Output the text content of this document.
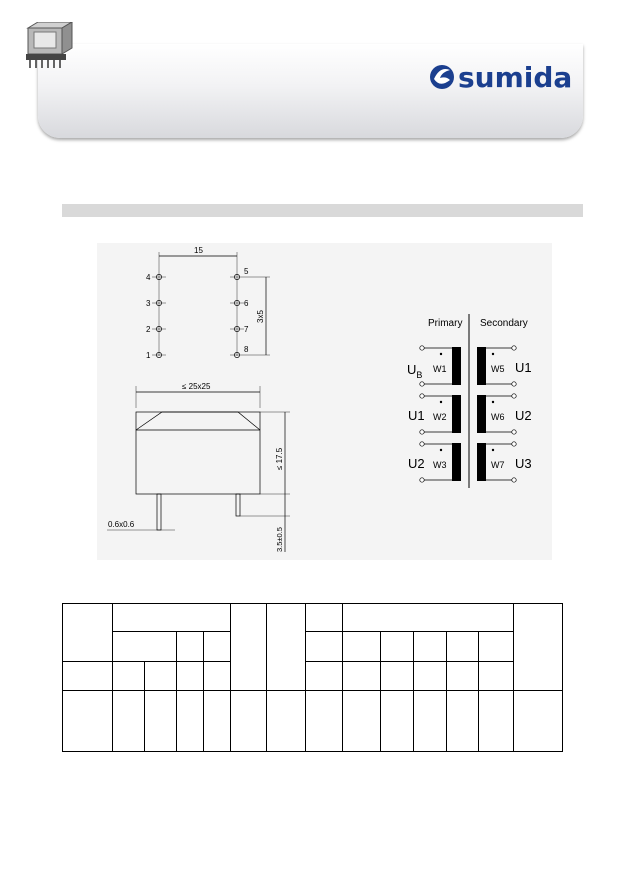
sumida
15
4
3
2
1
5
6
7
8
3x5
≤ 25x25
≤ 17.5
0.6x0.6
3.5±0.5
Primary Secondary
W1
W2
W3
W5
W6
W7
$U_B$
U1
U2
U1
U2
U3
